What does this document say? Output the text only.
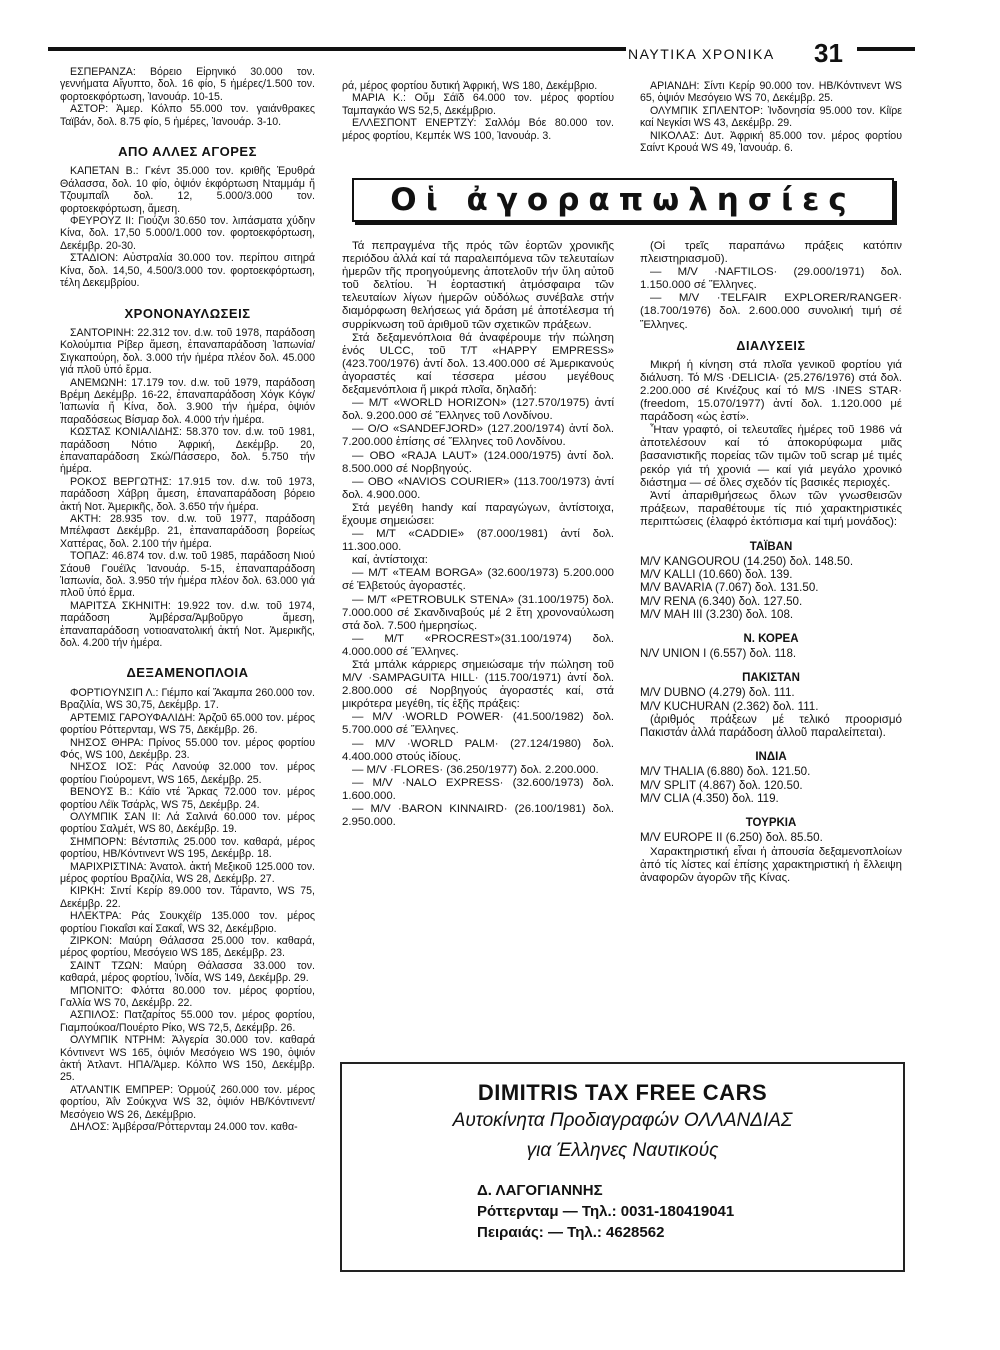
ΝΑΥΤΙΚΑ ΧΡΟΝΙΚΑ 31

ΕΣΠΕΡΑΝΖΑ: Βόρειο Εἰρηνικό 30.000 τον. γεννήματα Αἴγυπτο, δολ. 16 φίο, 5 ἡμέρες/1.500 τον. φορτοεκφόρτωση, Ἰανουάρ. 10-15.

ΑΣΤΟΡ: Ἀμερ. Κόλπο 55.000 τον. γαιάνθρακες Ταϊβάν, δολ. 8.75 φίο, 5 ἡμέρες, Ἰανουάρ. 3-10.

ΑΠΟ ΑΛΛΕΣ ΑΓΟΡΕΣ

ΚΑΠΕΤΑΝ Β.: Γκέντ 35.000 τον. κριθῆς Ἐρυθρά Θάλασσα, δολ. 10 φίο, ὀψιόν ἐκφόρτωση Νταμμάμ ἤ Τζουμπαΐλ δολ. 12, 5.000/3.000 τον. φορτοεκφόρτωση, ἄμεση.

ΦΕΥΡΟΥΖ ΙΙ: Γιούζνι 30.650 τον. λιπάσματα χύδην Κίνα, δολ. 17,50 5.000/1.000 τον. φορτοεκφόρτωση, Δεκέμβρ. 20-30.

ΣΤΑΔΙΟΝ: Αὐστραλία 30.000 τον. περίπου σιτηρά Κίνα, δολ. 14,50, 4.500/3.000 τον. φορτοεκφόρτωση, τέλη Δεκεμβρίου.

ΧΡΟΝΟΝΑΥΛΩΣΕΙΣ

ΣΑΝΤΟΡΙΝΗ: 22.312 τον. d.w. τοῦ 1978, παράδοση Κολούμπια Ρίβερ ἄμεση, ἐπαναπαράδοση Ἰαπωνία/Σιγκαπούρη, δολ. 3.000 τήν ἡμέρα πλέον δολ. 45.000 γιά πλοῦ ὑπό ἔρμα.

ΑΝΕΜΩΝΗ: 17.179 τον. d.w. τοῦ 1979, παράδοση Βρέμη Δεκέμβρ. 16-22, ἐπαναπαράδοση Χόγκ Κόγκ/Ἰαπωνία ἤ Κίνα, δολ. 3.900 τήν ἡμέρα, ὀψιόν παραδόσεως Βίσμαρ δολ. 4.000 τήν ἡμέρα.

ΚΩΣΤΑΣ ΚΟΝΙΑΛΙΔΗΣ: 58.370 τον. d.w. τοῦ 1981, παράδοση Νότιο Ἀφρική, Δεκέμβρ. 20, ἐπαναπαράδοση Σκώ/Πάσσερο, δολ. 5.750 τήν ἡμέρα.

ΡΟΚΟΣ ΒΕΡΓΩΤΗΣ: 17.915 τον. d.w. τοῦ 1973, παράδοση Χάβρη ἄμεση, ἐπαναπαράδοση βόρειο ἀκτή Νοτ. Ἀμερικῆς, δολ. 3.650 τήν ἡμέρα.

ΑΚΤΗ: 28.935 τον. d.w. τοῦ 1977, παράδοση Μπέλφαστ Δεκέμβρ. 21, ἐπαναπαράδοση βορείως Χαττέρας, δολ. 2.100 τήν ἡμέρα.

ΤΟΠΑΖ: 46.874 τον. d.w. τοῦ 1985, παράδοση Νιού Σάουθ Γουέϊλς Ἰανουάρ. 5-15, ἐπαναπαράδοση Ἰαπωνία, δολ. 3.950 τήν ἡμέρα πλέον δολ. 63.000 γιά πλοῦ ὑπό ἔρμα.

ΜΑΡΙΤΣΑ ΣΚΗΝΙΤΗ: 19.922 τον. d.w. τοῦ 1974, παράδοση Ἀμβέρσα/Ἀμβοῦργο ἄμεση, ἐπαναπαράδοση νοτιοανατολική ἀκτή Νοτ. Ἀμερικῆς, δολ. 4.200 τήν ἡμέρα.

ΔΕΞΑΜΕΝΟΠΛΟΙΑ

ΦΟΡΤΙΟΥΝΣΙΠ Λ.: Γιέμπο καί Ἄκαμπα 260.000 τον. Βραζιλία, WS 30,75, Δεκέμβρ. 17.

ΑΡΤΕΜΙΣ ΓΑΡΟΥΦΑΛΙΔΗ: Ἀρζοῦ 65.000 τον. μέρος φορτίου Ρόττερνταμ, WS 75, Δεκέμβρ. 26.

ΝΗΣΟΣ ΘΗΡΑ: Πρίνος 55.000 τον. μέρος φορτίου Φός, WS 100, Δεκέμβρ. 23.

ΝΗΣΟΣ ΙΟΣ: Ράς Λανούφ 32.000 τον. μέρος φορτίου Γιούρομεντ, WS 165, Δεκέμβρ. 25.

ΒΕΝΟΥΣ Β.: Κάϊο ντέ Ἄρκας 72.000 τον. μέρος φορτίου Λέϊκ Τσάρλς, WS 75, Δεκέμβρ. 24.

ΟΛΥΜΠΙΚ ΣΑΝ ΙΙ: Λά Σαλινά 60.000 τον. μέρος φορτίου Σαλμέτ, WS 80, Δεκέμβρ. 19.

ΣΗΜΠΟΡΝ: Βέντσπιλς 25.000 τον. καθαρά, μέρος φορτίου, ΗΒ/Κόντινεντ WS 195, Δεκέμβρ. 18.

ΜΑΡΙΧΡΙΣΤΙΝΑ: Ἀνατολ. ἀκτή Μεξικοῦ 125.000 τον. μέρος φορτίου Βραζιλία, WS 28, Δεκέμβρ. 27.

ΚΙΡΚΗ: Σιντί Κερίρ 89.000 τον. Τάραντο, WS 75, Δεκέμβρ. 22.

ΗΛΕΚΤΡΑ: Ράς Σουκχέϊρ 135.000 τον. μέρος φορτίου Γιοκαΐσι καί Σακαΐ, WS 32, Δεκέμβριο.

ΖΙΡΚΟΝ: Μαύρη Θάλασσα 25.000 τον. καθαρά, μέρος φορτίου, Μεσόγειο WS 185, Δεκέμβρ. 23.

ΣΑΙΝΤ ΤΖΩΝ: Μαύρη Θάλασσα 33.000 τον. καθαρά, μέρος φορτίου, Ἰνδία, WS 149, Δεκέμβρ. 29.

ΜΠΟΝΙΤΟ: Φλόττα 80.000 τον. μέρος φορτίου, Γαλλία WS 70, Δεκέμβρ. 22.

ΑΣΠΙΛΟΣ: Πατζαρίτος 55.000 τον. μέρος φορτίου, Γιαμπούκοα/Πουέρτο Ρίκο, WS 72,5, Δεκέμβρ. 26.

ΟΛΥΜΠΙΚ ΝΤΡΗΜ: Ἀλγερία 30.000 τον. καθαρά Κόντινεντ WS 165, ὀψιόν Μεσόγειο WS 190, ὀψιόν ἀκτή Ἀτλαντ. ΗΠΑ/Ἀμερ. Κόλπο WS 150, Δεκέμβρ. 25.

ΑΤΛΑΝΤΙΚ ΕΜΠΡΕΡ: Ὁρμούζ 260.000 τον. μέρος φορτίου, Ἀΐν Σούκχνα WS 32, ὀψιόν ΗΒ/Κόντινεντ/Μεσόγειο WS 26, Δεκέμβριο.

ΔΗΛΟΣ: Ἀμβέρσα/Ρόττερνταμ 24.000 τον. καθα-

ρά, μέρος φορτίου δυτική Ἀφρική, WS 180, Δεκέμβριο.

ΜΑΡΙΑ Κ.: Οὔμ Σάϊδ 64.000 τον. μέρος φορτίου Ταμπαγκάο WS 52,5, Δεκέμβριο.

ΕΛΛΕΣΠΟΝΤ ΕΝΕΡΤΖΥ: Σαλλόμ Βόε 80.000 τον. μέρος φορτίου, Κεμπέκ WS 100, Ἰανουάρ. 3.

ΑΡΙΑΝΔΗ: Σίντι Κερίρ 90.000 τον. ΗΒ/Κόντινεντ WS 65, ὀψιόν Μεσόγειο WS 70, Δεκέμβρ. 25.

ΟΛΥΜΠΙΚ ΣΠΛΕΝΤΟΡ: Ἰνδονησία 95.000 τον. Κίϊρε καί Νεγκίσι WS 43, Δεκέμβρ. 29.

ΝΙΚΟΛΑΣ: Δυτ. Ἀφρική 85.000 τον. μέρος φορτίου Σαίντ Κρουά WS 49, Ἰανουάρ. 6.

Οἱ ἀγοραπωλησίες

Τά πεπραγμένα τῆς πρός τῶν ἑορτῶν χρονικῆς περιόδου ἀλλά καί τά παραλειπόμενα τῶν τελευταίων ἡμερῶν τῆς προηγούμενης ἀποτελοῦν τήν ὕλη αὐτοῦ τοῦ δελτίου. Ἡ ἑορταστική ἀτμόσφαιρα τῶν τελευταίων λίγων ἡμερῶν οὐδόλως συνέβαλε στήν διαμόρφωση θελήσεως γιά δράση μέ ἀποτέλεσμα τή συρρίκνωση τοῦ ἀριθμοῦ τῶν σχετικῶν πράξεων.

Στά δεξαμενόπλοια θά ἀναφέρουμε τήν πώληση ἑνός ULCC, τοῦ Τ/Τ «HAPPY EMPRESS» (423.700/1976) ἀντί δολ. 13.400.000 σέ Ἀμερικανούς ἀγοραστές καί τέσσερα μέσου μεγέθους δεξαμενόπλοια ἤ μικρά πλοῖα, δηλαδή:

— M/T «WORLD HORIZON» (127.570/1975) ἀντί δολ. 9.200.000 σέ Ἕλληνες τοῦ Λονδίνου.

— O/O «SANDEFJORD» (127.200/1974) ἀντί δολ. 7.200.000 ἐπίσης σέ Ἕλληνες τοῦ Λονδίνου.

— OBO «RAJA LAUT» (124.000/1975) ἀντί δολ. 8.500.000 σέ Νορβηγούς.

— OBO «NAVIOS COURIER» (113.700/1973) ἀντί δολ. 4.900.000.

Στά μεγέθη handy καί παραγώγων, ἀντίστοιχα, ἔχουμε σημειώσει:

— M/T «CADDIE» (87.000/1981) ἀντί δολ. 11.300.000.

καί, ἀντίστοιχα:

— M/T «TEAM BORGA» (32.600/1973) 5.200.000 σέ Ἑλβετούς ἀγοραστές.

— M/T «PETROBULK STENA» (31.100/1975) δολ. 7.000.000 σέ Σκανδιναβούς μέ 2 ἔτη χρονοναύλωση στά δολ. 7.500 ἡμερησίως.

— M/T «PROCREST»(31.100/1974) δολ. 4.000.000 σέ Ἕλληνες.

Στά μπάλκ κάρριερς σημειώσαμε τήν πώληση τοῦ M/V ·SAMPAGUITA HILL· (115.700/1971) ἀντί δολ. 2.800.000 σέ Νορβηγούς ἀγοραστές καί, στά μικρότερα μεγέθη, τίς ἑξῆς πράξεις:

— M/V ·WORLD POWER· (41.500/1982) δολ. 5.700.000 σέ Ἕλληνες.

— M/V ·WORLD PALM· (27.124/1980) δολ. 4.400.000 στούς ἰδίους.

— M/V ·FLORES· (36.250/1977) δολ. 2.200.000.

— M/V ·NALO EXPRESS· (32.600/1973) δολ. 1.600.000.

— M/V ·BARON KINNAIRD· (26.100/1981) δολ. 2.950.000.

(Οἱ τρεῖς παραπάνω πράξεις κατόπιν πλειστηριασμοῦ).

— M/V ·NAFTILOS· (29.000/1971) δολ. 1.150.000 σέ Ἕλληνες.

— M/V ·TELFAIR EXPLORER/RANGER· (18.700/1976) δολ. 2.600.000 συνολική τιμή σέ Ἕλληνες.

ΔΙΑΛΥΣΕΙΣ

Μικρή ἡ κίνηση στά πλοῖα γενικοῦ φορτίου γιά διάλυση. Τό M/S ·DELICIA· (25.276/1976) στά δολ. 2.200.000 σέ Κινέζους καί τό M/S ·INES STAR· (freedom, 15.070/1977) ἀντί δολ. 1.120.000 μέ παράδοση «ὡς ἐστί».

Ἦταν γραφτό, οἱ τελευταῖες ἡμέρες τοῦ 1986 νά ἀποτελέσουν καί τό ἀποκορύφωμα μιᾶς βασανιστικῆς πορείας τῶν τιμῶν τοῦ scrap μέ τιμές ρεκόρ γιά τή χρονιά — καί γιά μεγάλο χρονικό διάστημα — σέ ὅλες σχεδόν τίς βασικές περιοχές.

Ἀντί ἀπαριθμήσεως ὅλων τῶν γνωσθεισῶν πράξεων, παραθέτουμε τίς πιό χαρακτηριστικές περιπτώσεις (ἐλαφρό ἐκτόπισμα καί τιμή μονάδος):

ΤΑΪΒΑΝ
M/V KANGOUROU (14.250) δολ. 148.50.
M/V KALLI (10.660) δολ. 139.
M/V BAVARIA (7.067) δολ. 131.50.
M/V RENA (6.340) δολ. 127.50.
M/V MAH III (3.230) δολ. 108.
Ν. ΚΟΡΕΑ
N/V UNION I (6.557) δολ. 118.
ΠΑΚΙΣΤΑΝ
M/V DUBNO (4.279) δολ. 111.
M/V KUCHURAN (2.362) δολ. 111.
(ἀριθμός πράξεων μέ τελικό προορισμό Πακιστάν ἀλλά παράδοση ἀλλοῦ παραλείπεται).
ΙΝΔΙΑ
M/V THALIA (6.880) δολ. 121.50.
M/V SPLIT (4.867) δολ. 120.50.
M/V CLIA (4.350) δολ. 119.
ΤΟΥΡΚΙΑ
M/V EUROPE II (6.250) δολ. 85.50.

Χαρακτηριστική εἶναι ἡ ἀπουσία δεξαμενοπλοίων ἀπό τίς λίστες καί ἐπίσης χαρακτηριστική ἡ ἔλλειψη ἀναφορῶν ἀγορῶν τῆς Κίνας.

DIMITRIS TAX FREE CARS
Αυτοκίνητα Προδιαγραφών ΟΛΛΑΝΔΙΑΣ
για Έλληνες Ναυτικούς
Δ. ΛΑΓΟΓΙΑΝΝΗΣ
Ρόττερνταμ — Τηλ.: 0031-180419041
Πειραιάς: — Τηλ.: 4628562
